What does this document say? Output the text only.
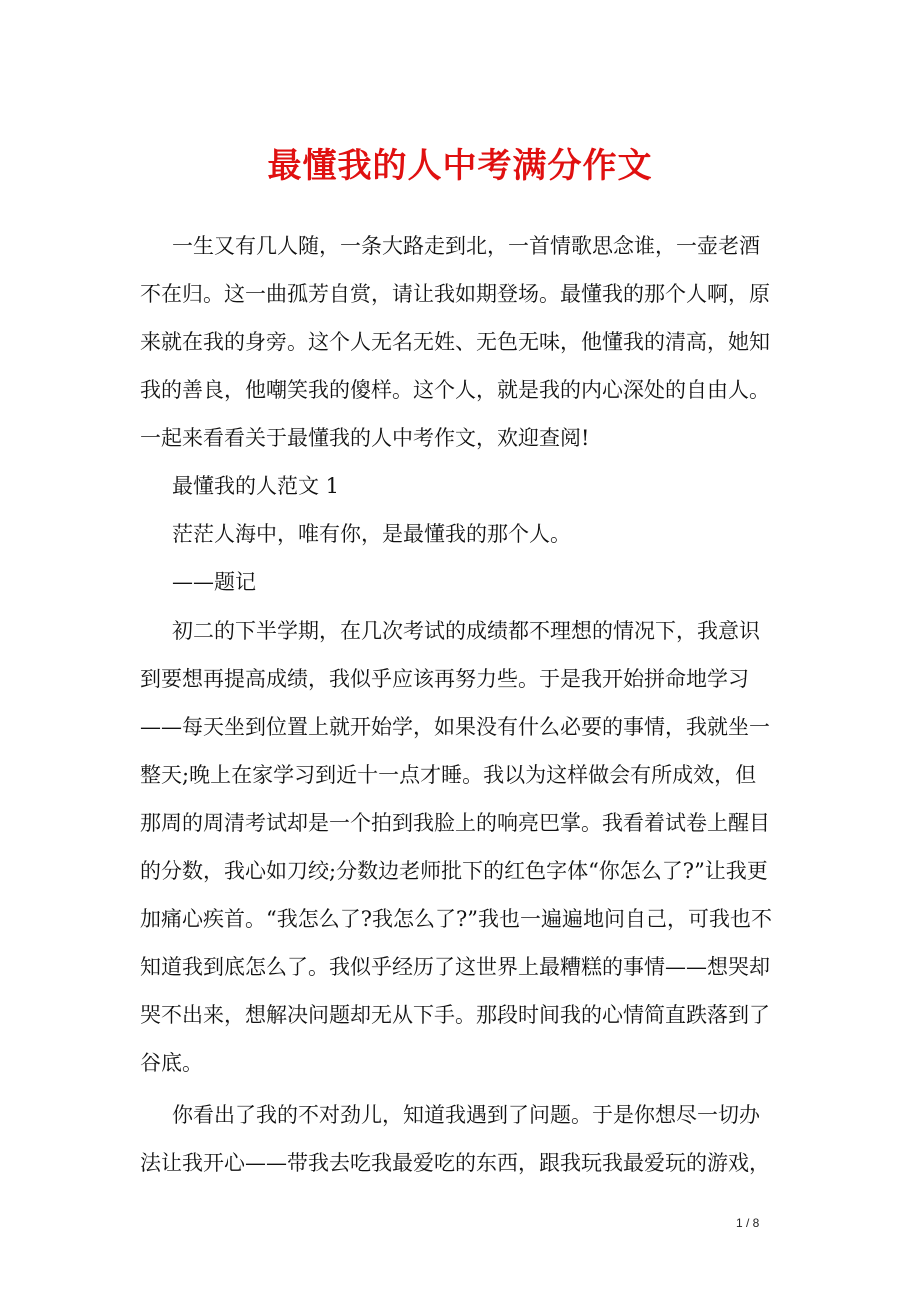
最懂我的人中考满分作文
一生又有几人随，一条大路走到北，一首情歌思念谁，一壶老酒
不在归。这一曲孤芳自赏，请让我如期登场。最懂我的那个人啊，原
来就在我的身旁。这个人无名无姓、无色无味，他懂我的清高，她知
我的善良，他嘲笑我的傻样。这个人，就是我的内心深处的自由人。
一起来看看关于最懂我的人中考作文，欢迎查阅!
最懂我的人范文 1
茫茫人海中，唯有你，是最懂我的那个人。
——题记
初二的下半学期，在几次考试的成绩都不理想的情况下，我意识
到要想再提高成绩，我似乎应该再努力些。于是我开始拼命地学习
——每天坐到位置上就开始学，如果没有什么必要的事情，我就坐一
整天;晚上在家学习到近十一点才睡。我以为这样做会有所成效，但
那周的周清考试却是一个拍到我脸上的响亮巴掌。我看着试卷上醒目
的分数，我心如刀绞;分数边老师批下的红色字体“你怎么了?”让我更
加痛心疾首。“我怎么了?我怎么了?”我也一遍遍地问自己，可我也不
知道我到底怎么了。我似乎经历了这世界上最糟糕的事情——想哭却
哭不出来，想解决问题却无从下手。那段时间我的心情简直跌落到了
谷底。
你看出了我的不对劲儿，知道我遇到了问题。于是你想尽一切办
法让我开心——带我去吃我最爱吃的东西，跟我玩我最爱玩的游戏，
1 / 8
